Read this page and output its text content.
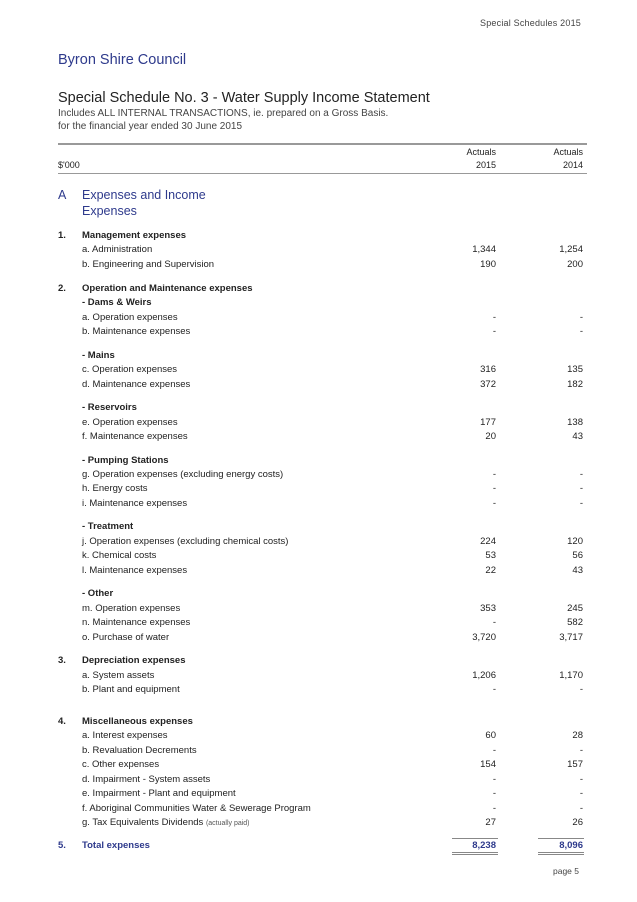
Special Schedules 2015
Byron Shire Council
Special Schedule No. 3 - Water Supply Income Statement
Includes ALL INTERNAL TRANSACTIONS, ie. prepared on a Gross Basis.
for the financial year ended 30 June 2015
Actuals	Actuals
$'000	2015	2014
A Expenses and Income
Expenses
1. Management expenses
a. Administration	1,344	1,254
b. Engineering and Supervision	190	200
2. Operation and Maintenance expenses
- Dams & Weirs
a. Operation expenses	-	-
b. Maintenance expenses	-	-
- Mains
c. Operation expenses	316	135
d. Maintenance expenses	372	182
- Reservoirs
e. Operation expenses	177	138
f. Maintenance expenses	20	43
- Pumping Stations
g. Operation expenses (excluding energy costs)	-	-
h. Energy costs	-	-
i. Maintenance expenses	-	-
- Treatment
j. Operation expenses (excluding chemical costs)	224	120
k. Chemical costs	53	56
l. Maintenance expenses	22	43
- Other
m. Operation expenses	353	245
n. Maintenance expenses	-	582
o. Purchase of water	3,720	3,717
3. Depreciation expenses
a. System assets	1,206	1,170
b. Plant and equipment	-	-
4. Miscellaneous expenses
a. Interest expenses	60	28
b. Revaluation Decrements	-	-
c. Other expenses	154	157
d. Impairment - System assets	-	-
e. Impairment - Plant and equipment	-	-
f. Aboriginal Communities Water & Sewerage Program	-	-
g. Tax Equivalents Dividends (actually paid)	27	26
5. Total expenses	8,238	8,096
page 5
